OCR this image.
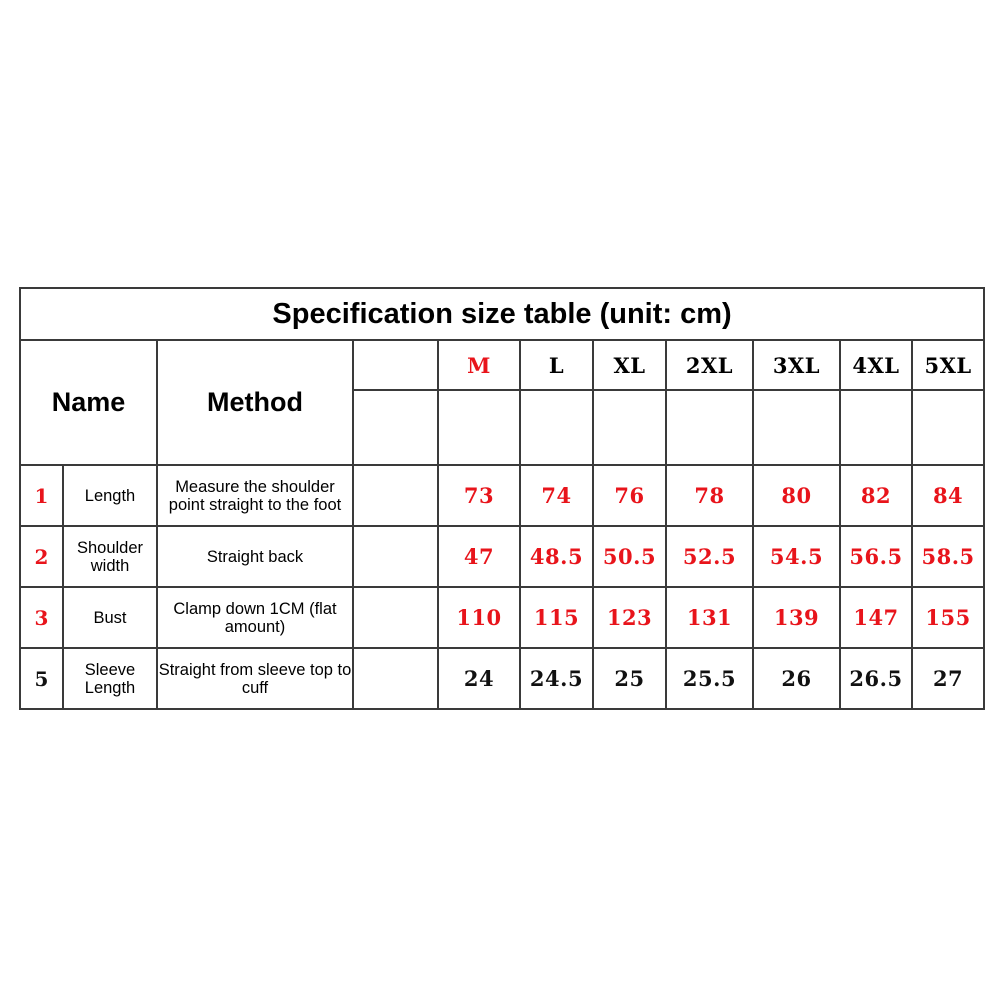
Specification size table (unit: cm)										
Name		Method		M	L	XL	2XL	3XL	4XL	5XL

1	Length	Measure the shoulder point straight to the foot		73	74	76	78	80	82	84
2	Shoulder width	Straight back		47	48.5	50.5	52.5	54.5	56.5	58.5
3	Bust	Clamp down 1CM (flat amount)		110	115	123	131	139	147	155
5	Sleeve Length	Straight from sleeve top to cuff		24	24.5	25	25.5	26	26.5	27
